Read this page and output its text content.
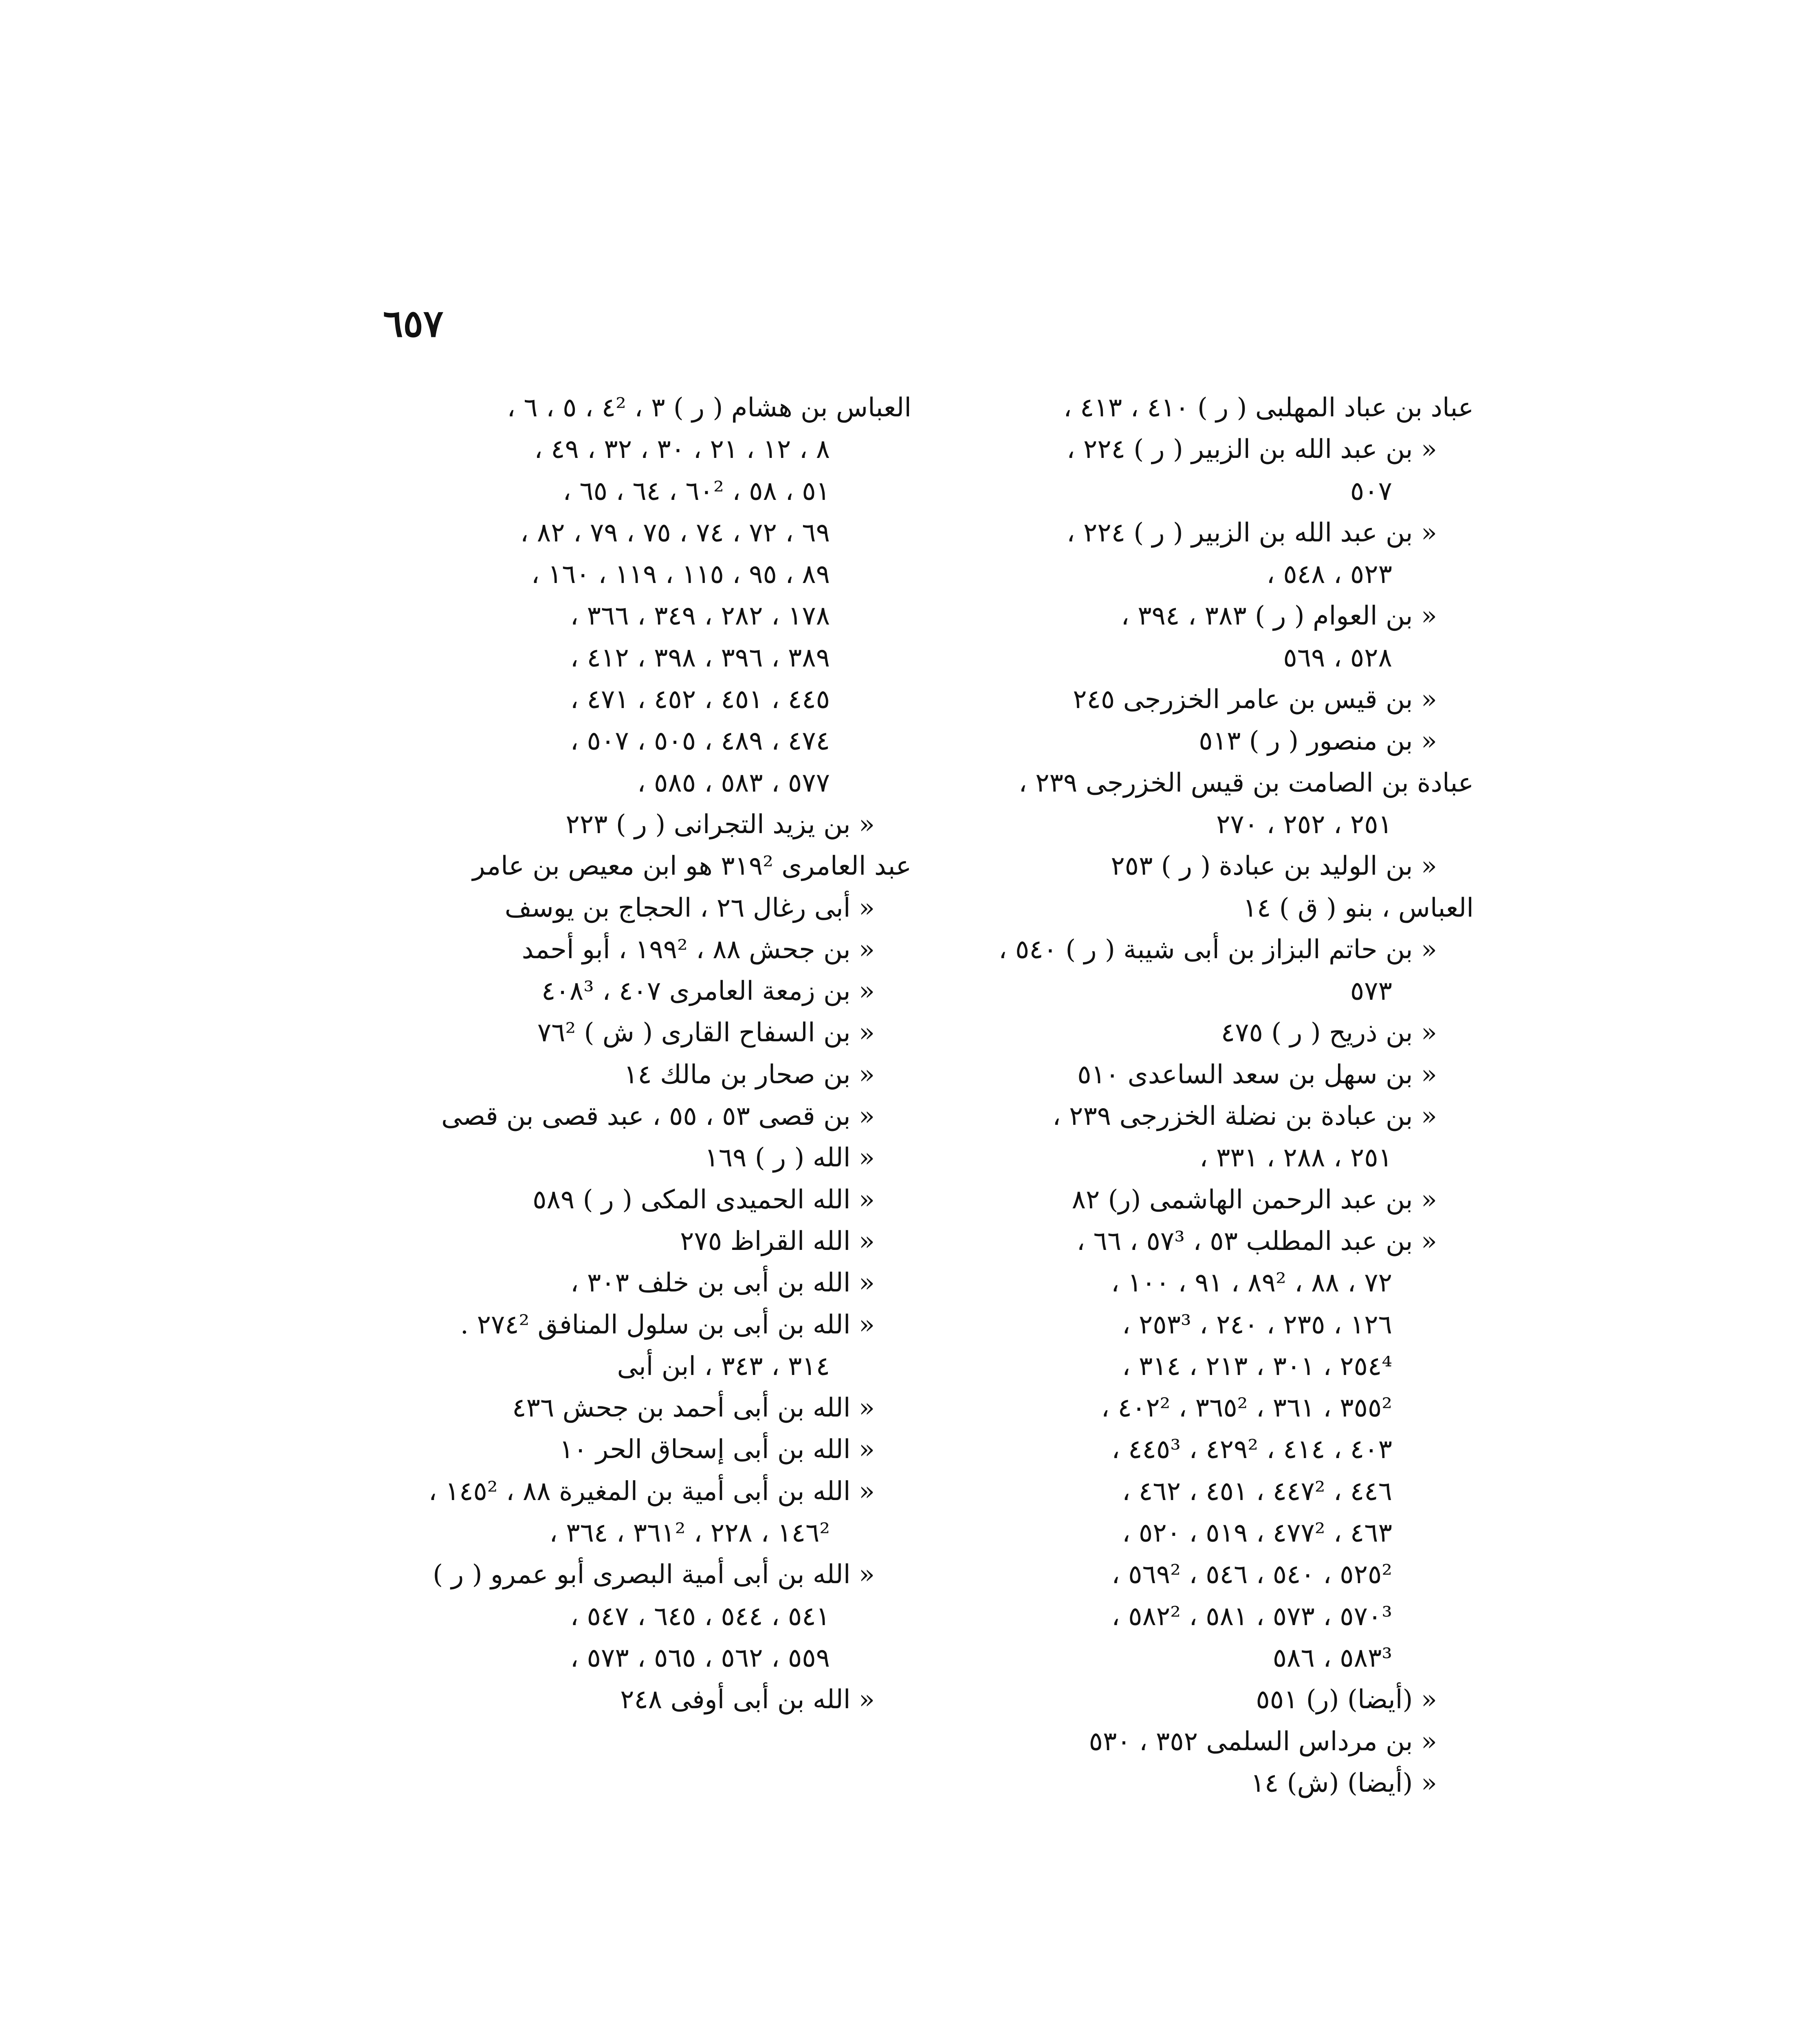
٦٥٧
عباد بن عباد المهلبى ( ر ) ٤١٠ ، ٤١٣ ،
« بن عبد الله بن الزبير ( ر ) ٢٢٤ ،
٥٠٧
« بن عبد الله بن الزبير ( ر ) ٢٢٤ ،
٥٢٣ ، ٥٤٨ ،
« بن العوام ( ر ) ٣٨٣ ، ٣٩٤ ،
٥٢٨ ، ٥٦٩
« بن قيس بن عامر الخزرجى ٢٤٥
« بن منصور ( ر ) ٥١٣
عبادة بن الصامت بن قيس الخزرجى ٢٣٩ ،
٢٥١ ، ٢٥٢ ، ٢٧٠
« بن الوليد بن عبادة ( ر ) ٢٥٣
العباس ، بنو ( ق ) ١٤
« بن حاتم البزاز بن أبى شيبة ( ر ) ٥٤٠ ،
٥٧٣
« بن ذريح ( ر ) ٤٧٥
« بن سهل بن سعد الساعدى ٥١٠
« بن عبادة بن نضلة الخزرجى ٢٣٩ ،
٢٥١ ، ٢٨٨ ، ٣٣١ ،
« بن عبد الرحمن الهاشمى (ر) ٨٢
« بن عبد المطلب ٥٣ ، ٥٧³ ، ٦٦ ،
٧٢ ، ٨٨ ، ٨٩² ، ٩١ ، ١٠٠ ،
١٢٦ ، ٢٣٥ ، ٢٤٠ ، ٢٥٣³ ،
٢٥٤⁴ ، ٣٠١ ، ٢١٣ ، ٣١٤ ،
٣٥٥² ، ٣٦١ ، ٣٦٥² ، ٤٠٢² ،
٤٠٣ ، ٤١٤ ، ٤٢٩² ، ٤٤٥³ ،
٤٤٦ ، ٤٤٧² ، ٤٥١ ، ٤٦٢ ،
٤٦٣ ، ٤٧٧² ، ٥١٩ ، ٥٢٠ ،
٥٢٥² ، ٥٤٠ ، ٥٤٦ ، ٥٦٩² ،
٥٧٠³ ، ٥٧٣ ، ٥٨١ ، ٥٨٢² ،
٥٨٣³ ، ٥٨٦
« (أيضا) (ر) ٥٥١
« بن مرداس السلمى ٣٥٢ ، ٥٣٠
« (أيضا) (ش) ١٤
العباس بن هشام ( ر ) ٣ ، ٤² ، ٥ ، ٦ ،
٨ ، ١٢ ، ٢١ ، ٣٠ ، ٣٢ ، ٤٩ ،
٥١ ، ٥٨ ، ٦٠² ، ٦٤ ، ٦٥ ،
٦٩ ، ٧٢ ، ٧٤ ، ٧٥ ، ٧٩ ، ٨٢ ،
٨٩ ، ٩٥ ، ١١٥ ، ١١٩ ، ١٦٠ ،
١٧٨ ، ٢٨٢ ، ٣٤٩ ، ٣٦٦ ،
٣٨٩ ، ٣٩٦ ، ٣٩٨ ، ٤١٢ ،
٤٤٥ ، ٤٥١ ، ٤٥٢ ، ٤٧١ ،
٤٧٤ ، ٤٨٩ ، ٥٠٥ ، ٥٠٧ ،
٥٧٧ ، ٥٨٣ ، ٥٨٥ ،
« بن يزيد التجرانى ( ر ) ٢٢٣
عبد العامرى ٣١٩² هو ابن معيص بن عامر
« أبى رغال ٢٦ ، الحجاج بن يوسف
« بن جحش ٨٨ ، ١٩٩² ، أبو أحمد
« بن زمعة العامرى ٤٠٧ ، ٤٠٨³
« بن السفاح القارى ( ش ) ٧٦²
« بن صحار بن مالك ١٤
« بن قصى ٥٣ ، ٥٥ ، عبد قصى بن قصى
« الله ( ر ) ١٦٩
« الله الحميدى المكى ( ر ) ٥٨٩
« الله القراظ ٢٧٥
« الله بن أبى بن خلف ٣٠٣ ،
« الله بن أبى بن سلول المنافق ٢٧٤² .
٣١٤ ، ٣٤٣ ، ابن أبى
« الله بن أبى أحمد بن جحش ٤٣٦
« الله بن أبى إسحاق الحر ١٠
« الله بن أبى أمية بن المغيرة ٨٨ ، ١٤٥² ،
١٤٦² ، ٢٢٨ ، ٣٦١² ، ٣٦٤ ،
« الله بن أبى أمية البصرى أبو عمرو ( ر )
٥٤١ ، ٥٤٤ ، ٦٤٥ ، ٥٤٧ ،
٥٥٩ ، ٥٦٢ ، ٥٦٥ ، ٥٧٣ ،
« الله بن أبى أوفى ٢٤٨
